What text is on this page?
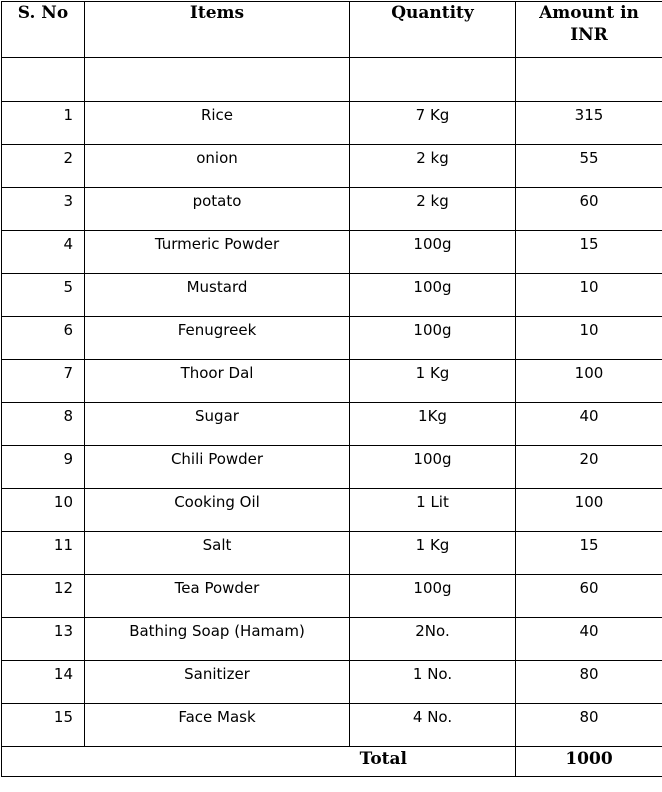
S. No	Items	Quantity	Amount in INR

1	Rice	7 Kg	315
2	onion	2 kg	55
3	potato	2 kg	60
4	Turmeric Powder	100g	15
5	Mustard	100g	10
6	Fenugreek	100g	10
7	Thoor Dal	1 Kg	100
8	Sugar	1Kg	40
9	Chili Powder	100g	20
10	Cooking Oil	1 Lit	100
11	Salt	1 Kg	15
12	Tea Powder	100g	60
13	Bathing Soap (Hamam)	2No.	40
14	Sanitizer	1 No.	80
15	Face Mask	4 No.	80
Total			1000
